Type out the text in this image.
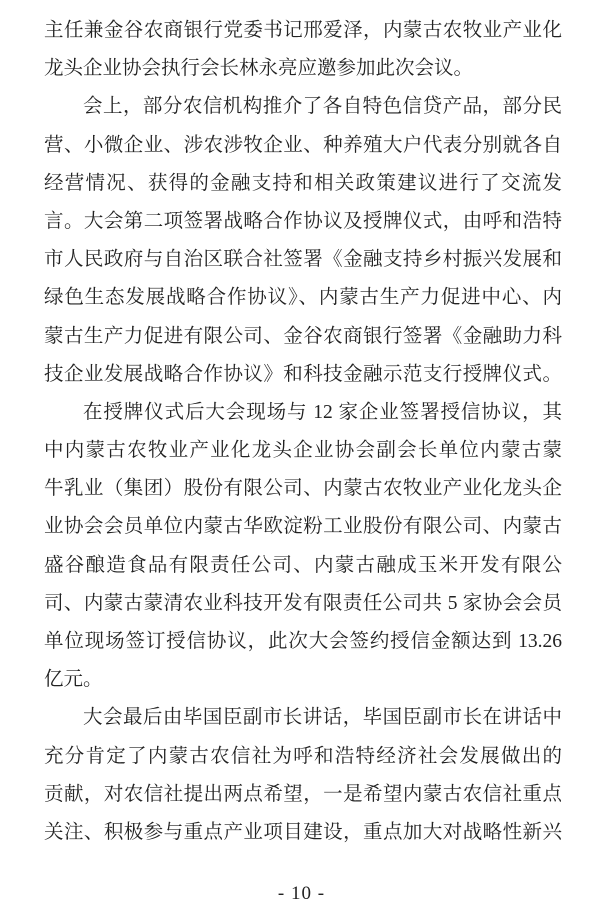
主任兼金谷农商银行党委书记邢爱泽，内蒙古农牧业产业化
龙头企业协会执行会长林永亮应邀参加此次会议。
会上，部分农信机构推介了各自特色信贷产品，部分民
营、小微企业、涉农涉牧企业、种养殖大户代表分别就各自
经营情况、获得的金融支持和相关政策建议进行了交流发
言。大会第二项签署战略合作协议及授牌仪式，由呼和浩特
市人民政府与自治区联合社签署《金融支持乡村振兴发展和
绿色生态发展战略合作协议》、内蒙古生产力促进中心、内
蒙古生产力促进有限公司、金谷农商银行签署《金融助力科
技企业发展战略合作协议》和科技金融示范支行授牌仪式。
在授牌仪式后大会现场与 12 家企业签署授信协议，其
中内蒙古农牧业产业化龙头企业协会副会长单位内蒙古蒙
牛乳业（集团）股份有限公司、内蒙古农牧业产业化龙头企
业协会会员单位内蒙古华欧淀粉工业股份有限公司、内蒙古
盛谷酿造食品有限责任公司、内蒙古融成玉米开发有限公
司、内蒙古蒙清农业科技开发有限责任公司共 5 家协会会员
单位现场签订授信协议，此次大会签约授信金额达到 13.26
亿元。
大会最后由毕国臣副市长讲话，毕国臣副市长在讲话中
充分肯定了内蒙古农信社为呼和浩特经济社会发展做出的
贡献，对农信社提出两点希望，一是希望内蒙古农信社重点
关注、积极参与重点产业项目建设，重点加大对战略性新兴
- 10 -
